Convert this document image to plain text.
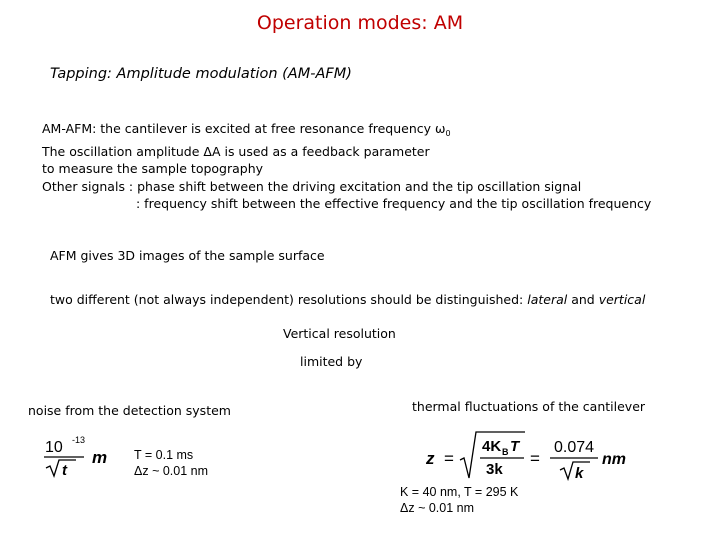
Operation modes: AM
Tapping: Amplitude modulation (AM-AFM)
AM-AFM: the cantilever is excited at free resonance frequency $\omega_0$
The oscillation amplitude ΔA is used as a feedback parameter
to measure the sample topography
Other signals : phase shift between the driving excitation and the tip oscillation signal
: frequency shift between the effective frequency and the tip oscillation frequency
AFM gives 3D images of the sample surface
two different (not always independent) resolutions should be distinguished: lateral and vertical
Vertical resolution
limited by
noise from the detection system	thermal fluctuations of the cantilever
10 -13
t
m T = 0.1 ms
Δz ~ 0.01 nm
z =
4K B T
3k
=
0.074
k
nm
K = 40 nm, T = 295 K
Δz ~ 0.01 nm
